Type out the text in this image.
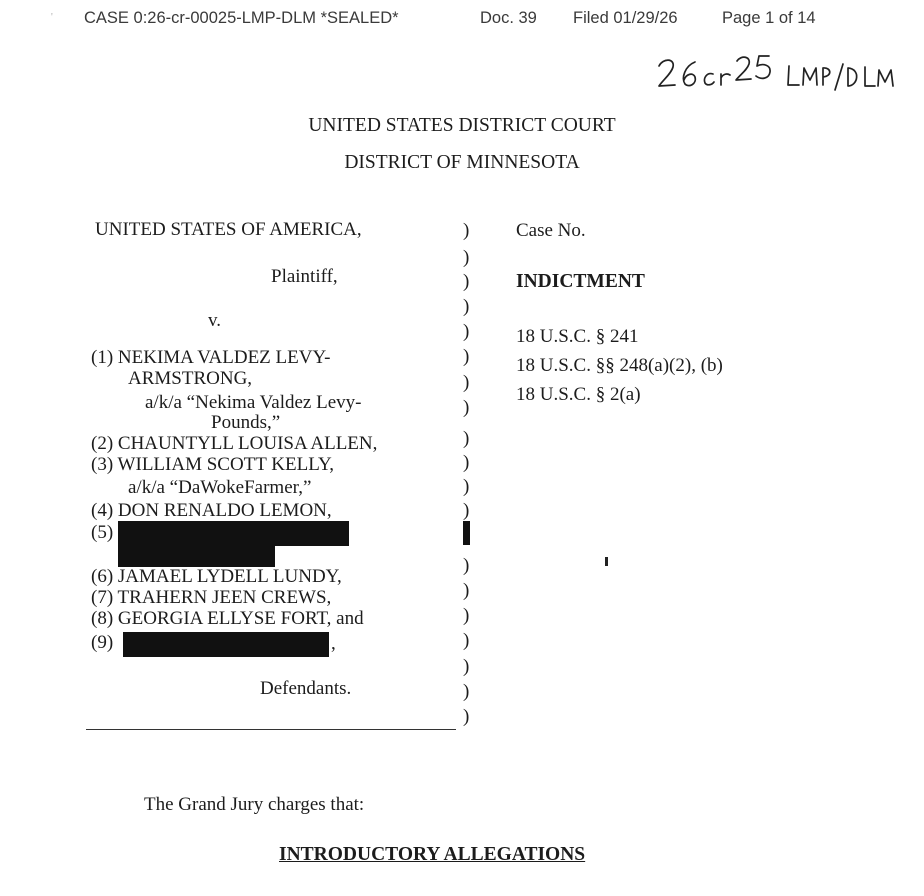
CASE 0:26-cr-00025-LMP-DLM *SEALED*	Doc. 39 Filed 01/29/26	Page 1 of 14
'
26cr25 LMP/DLM
UNITED STATES DISTRICT COURT
DISTRICT OF MINNESOTA
UNITED STATES OF AMERICA,
Plaintiff,
v.
(1) NEKIMA VALDEZ LEVY-
ARMSTRONG,
a/k/a “Nekima Valdez Levy-
Pounds,”
(2) CHAUNTYLL LOUISA ALLEN,
(3) WILLIAM SCOTT KELLY,
a/k/a “DaWokeFarmer,”
(4) DON RENALDO LEMON,
(5)
(6) JAMAEL LYDELL LUNDY,
(7) TRAHERN JEEN CREWS,
(8) GEORGIA ELLYSE FORT, and
(9)	,
Defendants.
)
)
)
)
)
)
)
)
)
)
)
)
)
)
)
)
)
)
)
Case No.
INDICTMENT
18 U.S.C. § 241
18 U.S.C. §§ 248(a)(2), (b)
18 U.S.C. § 2(a)
The Grand Jury charges that:
INTRODUCTORY ALLEGATIONS
